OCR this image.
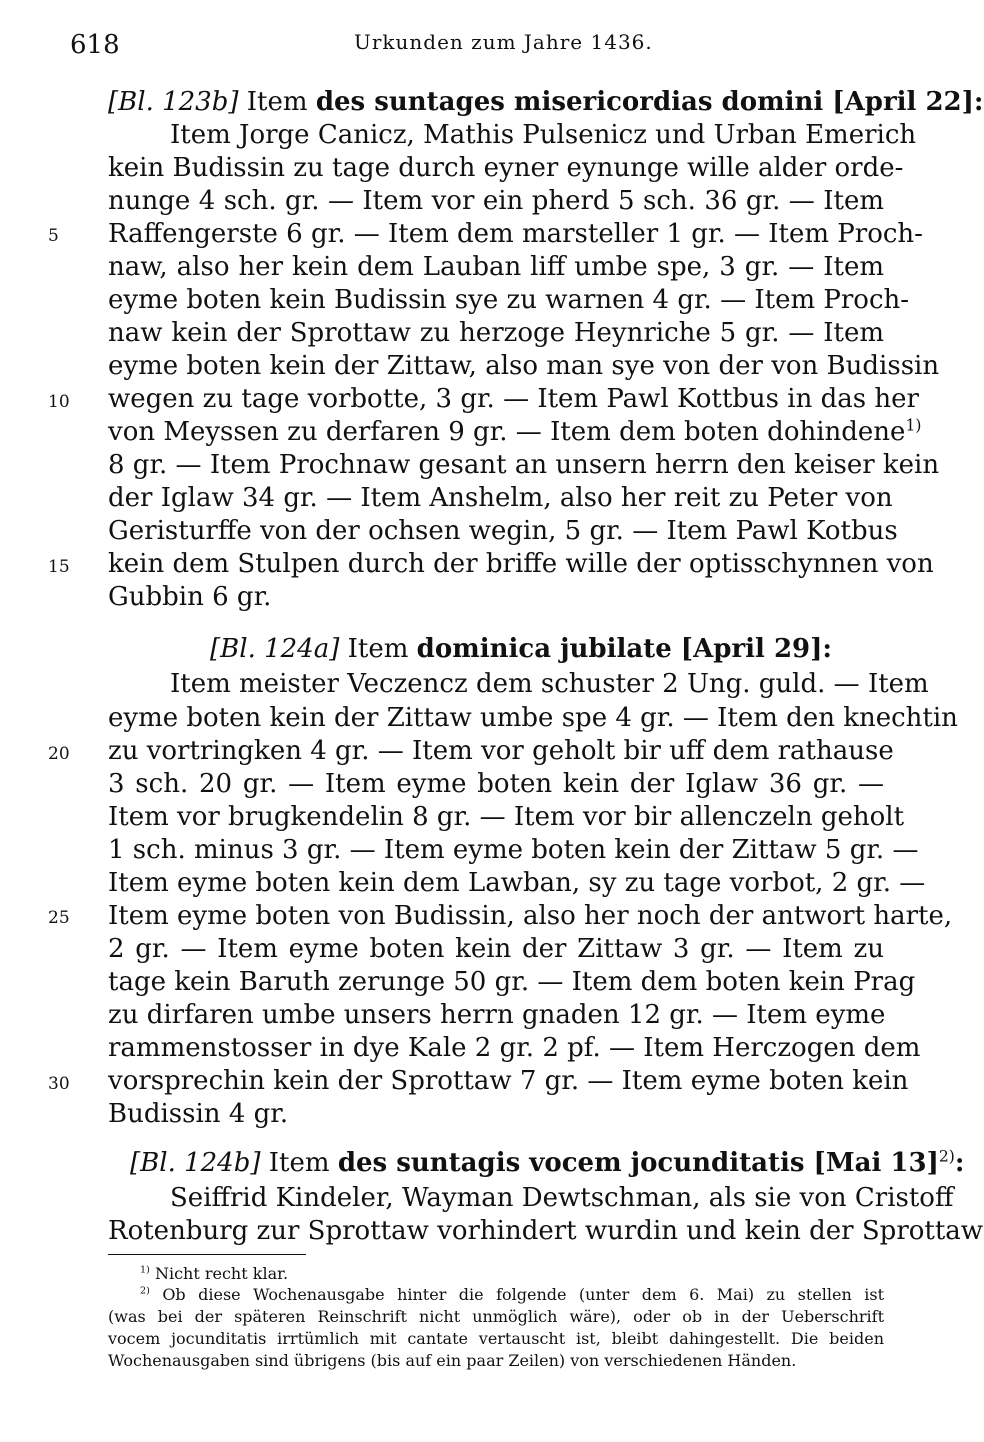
618	Urkunden zum Jahre 1436.
[Bl. 123b] Item des suntages misericordias domini [April 22]:
Item Jorge Canicz, Mathis Pulsenicz und Urban Emerich
kein Budissin zu tage durch eyner eynunge wille alder orde-
nunge 4 sch. gr. — Item vor ein pherd 5 sch. 36 gr. — Item
Raffengerste 6 gr. — Item dem marsteller 1 gr. — Item Proch-
naw, also her kein dem Lauban liff umbe spe, 3 gr. — Item
eyme boten kein Budissin sye zu warnen 4 gr. — Item Proch-
naw kein der Sprottaw zu herzoge Heynriche 5 gr. — Item
eyme boten kein der Zittaw, also man sye von der von Budissin
wegen zu tage vorbotte, 3 gr. — Item Pawl Kottbus in das her
von Meyssen zu derfaren 9 gr. — Item dem boten dohindene$^{1)}$
8 gr. — Item Prochnaw gesant an unsern herrn den keiser kein
der Iglaw 34 gr. — Item Anshelm, also her reit zu Peter von
Geristurffe von der ochsen wegin, 5 gr. — Item Pawl Kotbus
kein dem Stulpen durch der briffe wille der optisschynnen von
Gubbin 6 gr.
[Bl. 124a] Item dominica jubilate [April 29]:
Item meister Veczencz dem schuster 2 Ung. guld. — Item
eyme boten kein der Zittaw umbe spe 4 gr. — Item den knechtin
zu vortringken 4 gr. — Item vor geholt bir uff dem rathause
3 sch. 20 gr. — Item eyme boten kein der Iglaw 36 gr. —
Item vor brugkendelin 8 gr. — Item vor bir allenczeln geholt
1 sch. minus 3 gr. — Item eyme boten kein der Zittaw 5 gr. —
Item eyme boten kein dem Lawban, sy zu tage vorbot, 2 gr. —
Item eyme boten von Budissin, also her noch der antwort harte,
2 gr. — Item eyme boten kein der Zittaw 3 gr. — Item zu
tage kein Baruth zerunge 50 gr. — Item dem boten kein Prag
zu dirfaren umbe unsers herrn gnaden 12 gr. — Item eyme
rammenstosser in dye Kale 2 gr. 2 pf. — Item Herczogen dem
vorsprechin kein der Sprottaw 7 gr. — Item eyme boten kein
Budissin 4 gr.
[Bl. 124b] Item des suntagis vocem jocunditatis [Mai 13]$^{2)}$:
Seiffrid Kindeler, Wayman Dewtschman, als sie von Cristoff
Rotenburg zur Sprottaw vorhindert wurdin und kein der Sprottaw
5
10
15
20
25
30
$^{1)}$ Nicht recht klar.
$^{2)}$ Ob diese Wochenausgabe hinter die folgende (unter dem 6. Mai) zu stellen ist
(was bei der späteren Reinschrift nicht unmöglich wäre), oder ob in der Ueberschrift
vocem jocunditatis irrtümlich mit cantate vertauscht ist, bleibt dahingestellt. Die beiden
Wochenausgaben sind übrigens (bis auf ein paar Zeilen) von verschiedenen Händen.
